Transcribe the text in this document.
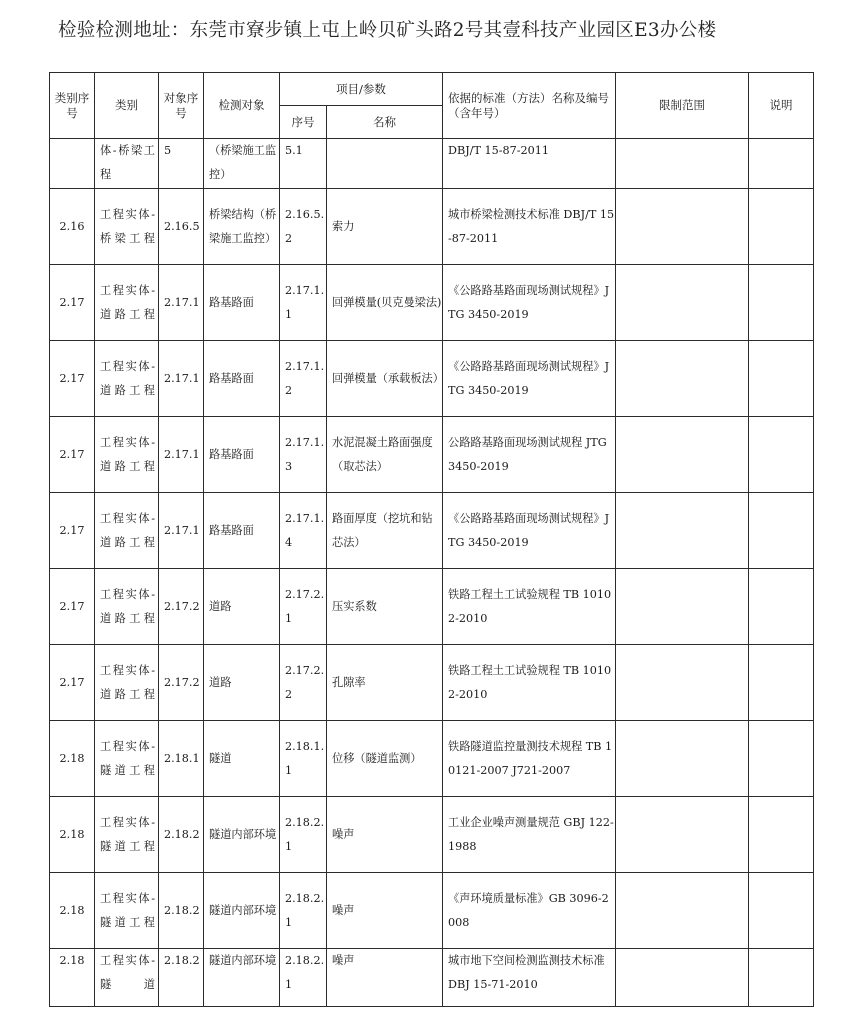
检验检测地址：东莞市寮步镇上屯上岭贝矿头路2号其壹科技产业园区E3办公楼
类别序号	类别	对象序号	检测对象	项目/参数		依据的标准（方法）名称及编号（含年号）	限制范围	说明
				序号	名称			
	体-桥梁工程	5	（桥梁施工监控）	5.1		DBJ/T 15-87-2011		
2.16	工程实体-桥梁工程	2.16.5	桥梁结构（桥梁施工监控）	2.16.5.2	索力	城市桥梁检测技术标准 DBJ/T 15-87-2011		
2.17	工程实体-道路工程	2.17.1	路基路面	2.17.1.1	回弹模量(贝克曼梁法)	《公路路基路面现场测试规程》JTG 3450-2019		
2.17	工程实体-道路工程	2.17.1	路基路面	2.17.1.2	回弹模量（承载板法）	《公路路基路面现场测试规程》JTG 3450-2019		
2.17	工程实体-道路工程	2.17.1	路基路面	2.17.1.3	水泥混凝土路面强度（取芯法）	公路路基路面现场测试规程 JTG 3450-2019		
2.17	工程实体-道路工程	2.17.1	路基路面	2.17.1.4	路面厚度（挖坑和钻芯法）	《公路路基路面现场测试规程》JTG 3450-2019		
2.17	工程实体-道路工程	2.17.2	道路	2.17.2.1	压实系数	铁路工程土工试验规程 TB 10102-2010		
2.17	工程实体-道路工程	2.17.2	道路	2.17.2.2	孔隙率	铁路工程土工试验规程 TB 10102-2010		
2.18	工程实体-隧道工程	2.18.1	隧道	2.18.1.1	位移（隧道监测）	铁路隧道监控量测技术规程 TB 10121-2007 J721-2007		
2.18	工程实体-隧道工程	2.18.2	隧道内部环境	2.18.2.1	噪声	工业企业噪声测量规范 GBJ 122-1988		
2.18	工程实体-隧道工程	2.18.2	隧道内部环境	2.18.2.1	噪声	《声环境质量标准》GB 3096-2008		
2.18	工程实体-隧道	2.18.2	隧道内部环境	2.18.2.1	噪声	城市地下空间检测监测技术标准 DBJ 15-71-2010		
